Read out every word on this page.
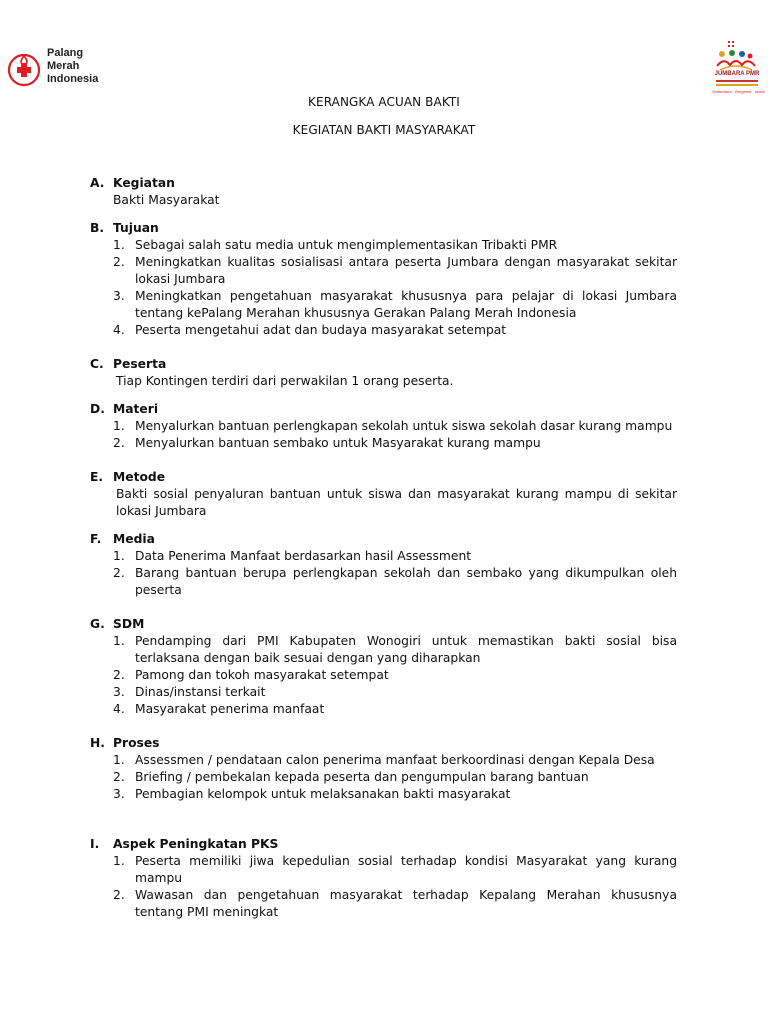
Palang
Merah
Indonesia	JUMBARA PMR
Sederhana - Bergema - Indah
KERANGKA ACUAN BAKTI
KEGIATAN BAKTI MASYARAKAT
A. Kegiatan
Bakti Masyarakat
B. Tujuan
1. Sebagai salah satu media untuk mengimplementasikan Tribakti PMR
2. Meningkatkan kualitas sosialisasi antara peserta Jumbara dengan masyarakat sekitar lokasi Jumbara
3. Meningkatkan pengetahuan masyarakat khususnya para pelajar di lokasi Jumbara tentang kePalang Merahan khususnya Gerakan Palang Merah Indonesia
4. Peserta mengetahui adat dan budaya masyarakat setempat
C. Peserta
Tiap Kontingen terdiri dari perwakilan 1 orang peserta.
D. Materi
1. Menyalurkan bantuan perlengkapan sekolah untuk siswa sekolah dasar kurang mampu
2. Menyalurkan bantuan sembako untuk Masyarakat kurang mampu
E. Metode
Bakti sosial penyaluran bantuan untuk siswa dan masyarakat kurang mampu di sekitar lokasi Jumbara
F. Media
1. Data Penerima Manfaat berdasarkan hasil Assessment
2. Barang bantuan berupa perlengkapan sekolah dan sembako yang dikumpulkan oleh peserta
G. SDM
1. Pendamping dari PMI Kabupaten Wonogiri untuk memastikan bakti sosial bisa terlaksana dengan baik sesuai dengan yang diharapkan
2. Pamong dan tokoh masyarakat setempat
3. Dinas/instansi terkait
4. Masyarakat penerima manfaat
H. Proses
1. Assessmen / pendataan calon penerima manfaat berkoordinasi dengan Kepala Desa
2. Briefing / pembekalan kepada peserta dan pengumpulan barang bantuan
3. Pembagian kelompok untuk melaksanakan bakti masyarakat
I.	Aspek Peningkatan PKS
1. Peserta memiliki jiwa kepedulian sosial terhadap kondisi Masyarakat yang kurang mampu
2. Wawasan dan pengetahuan masyarakat terhadap Kepalang Merahan khususnya tentang PMI meningkat
